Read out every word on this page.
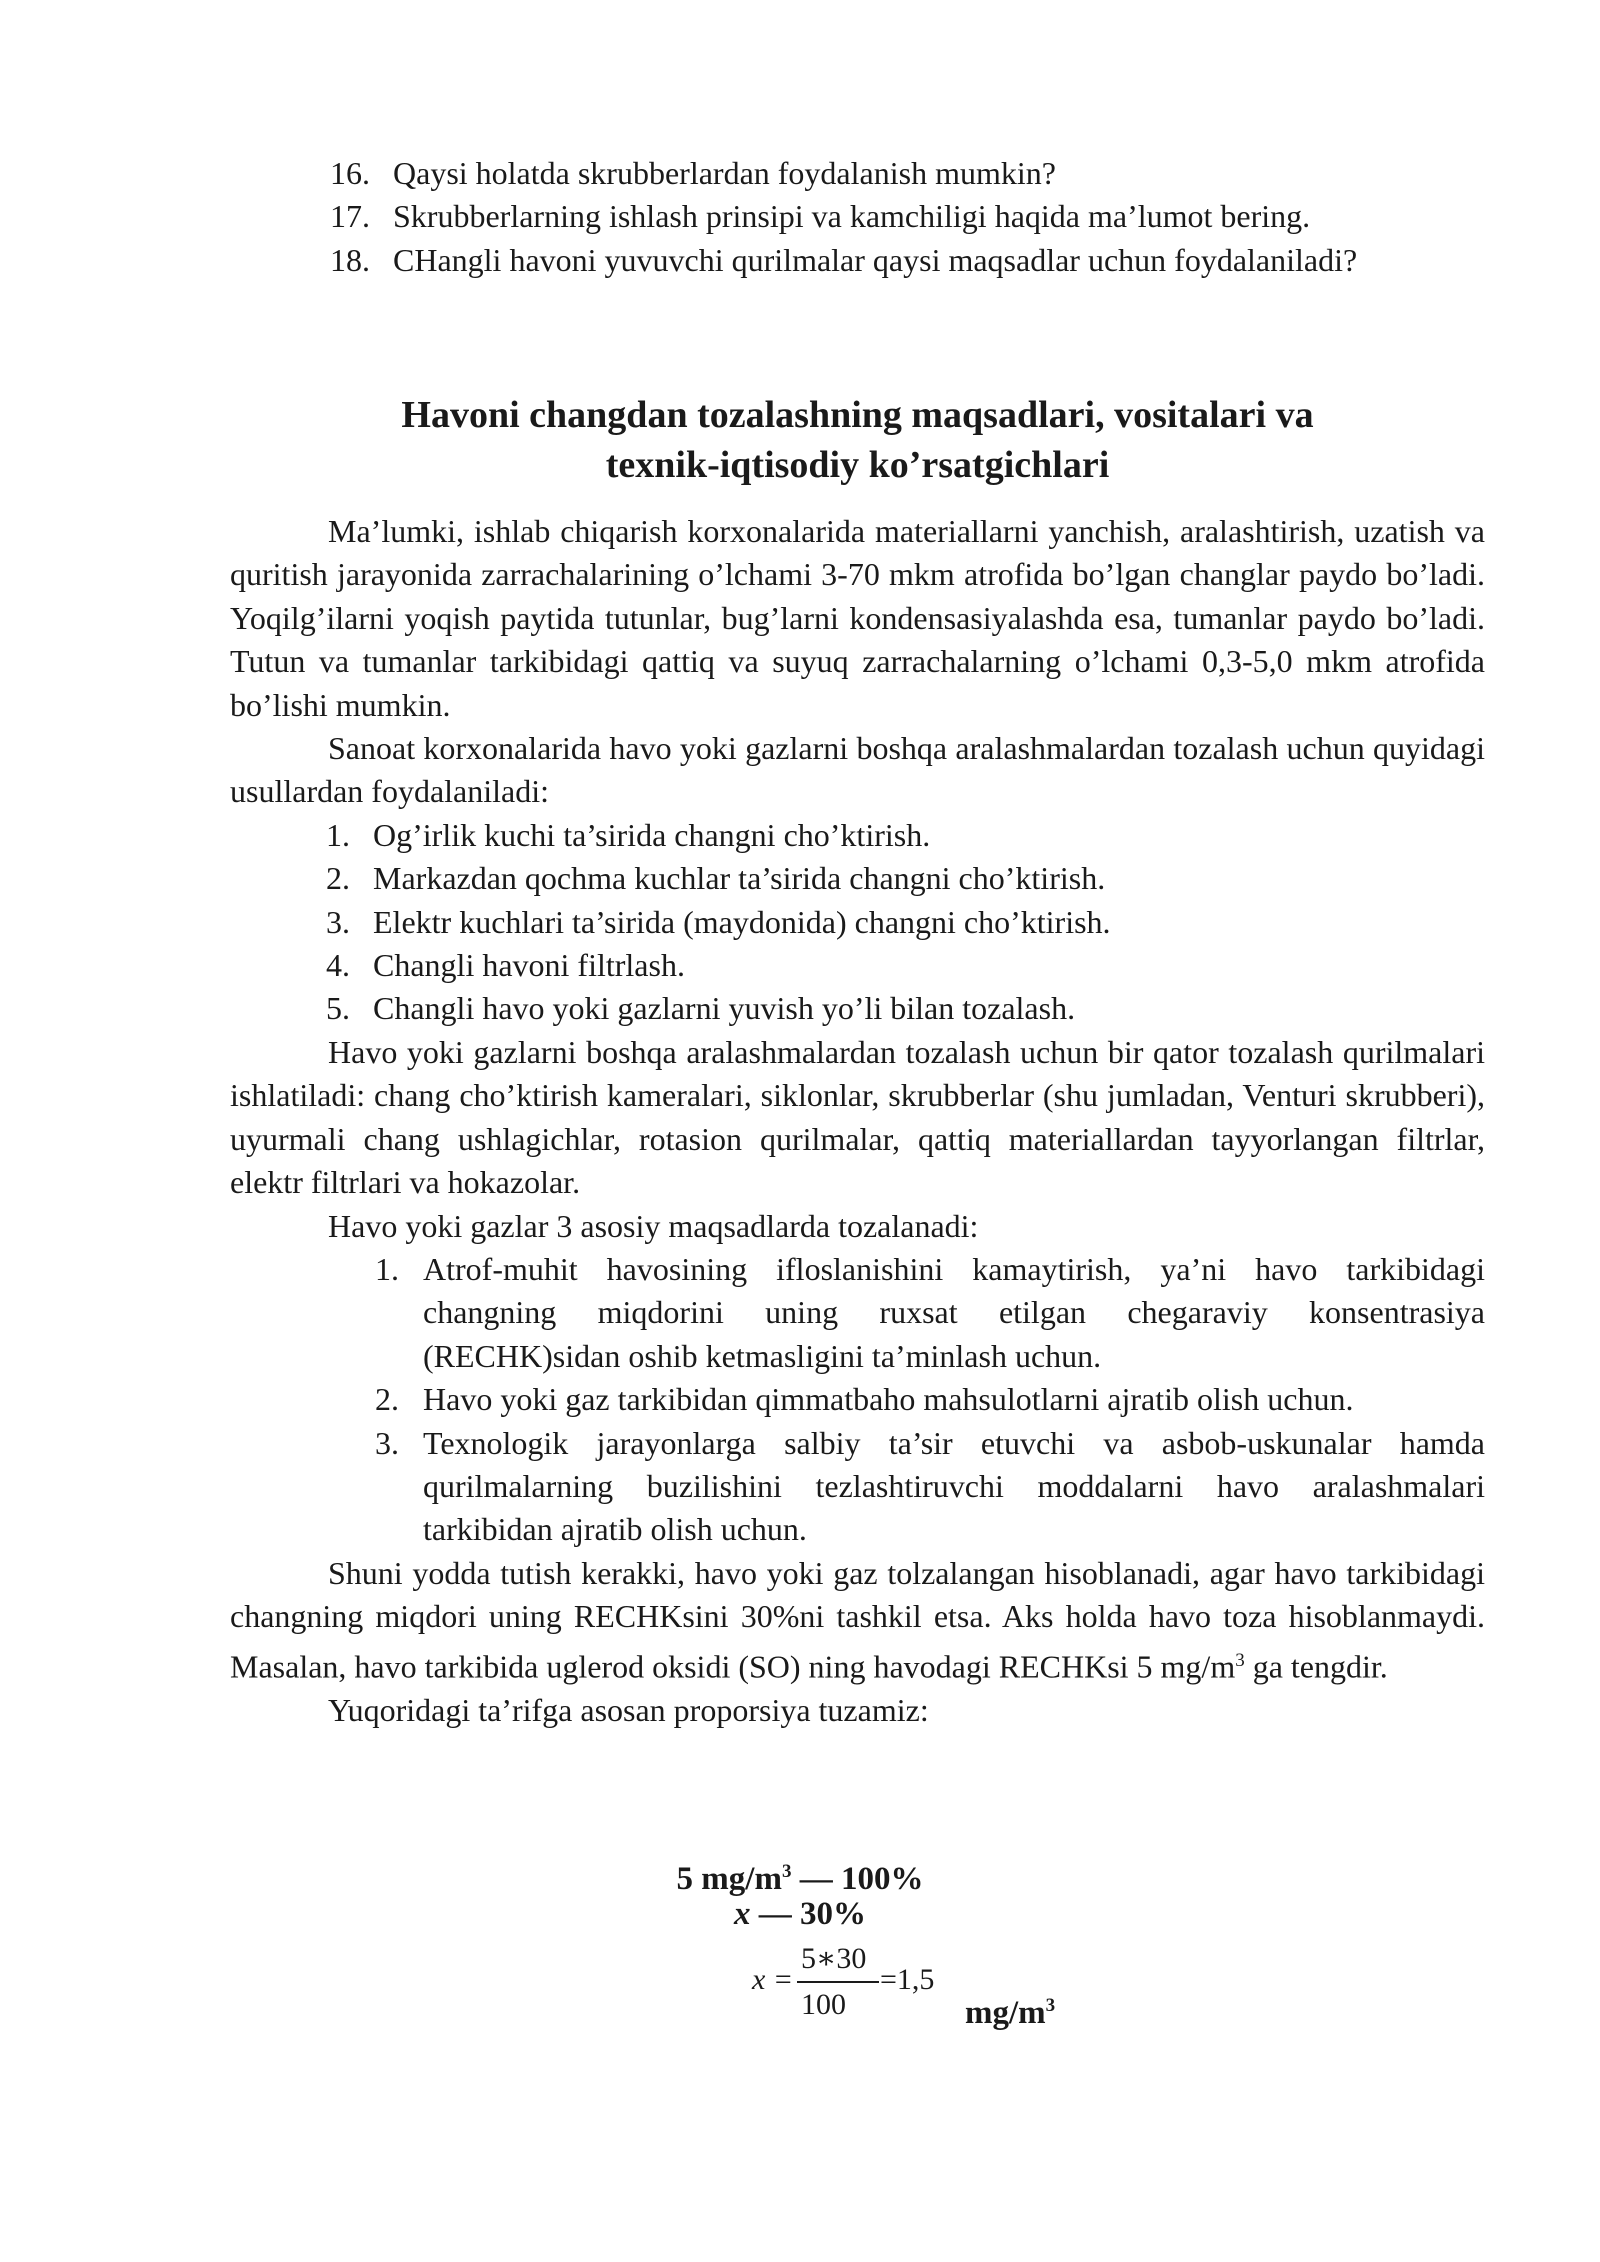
16. Qaysi holatda skrubberlardan foydalanish mumkin?
17. Skrubberlarning ishlash prinsipi va kamchiligi haqida ma’lumot bering.
18. CHangli havoni yuvuvchi qurilmalar qaysi maqsadlar uchun foydalaniladi?
Havoni changdan tozalashning maqsadlari, vositalari va
texnik-iqtisodiy ko’rsatgichlari

Ma’lumki, ishlab chiqarish korxonalarida materiallarni yanchish, aralashtirish, uzatish va quritish jarayonida zarrachalarining o’lchami 3-70 mkm atrofida bo’lgan changlar paydo bo’ladi. Yoqilg’ilarni yoqish paytida tutunlar, bug’larni kondensasiyalashda esa, tumanlar paydo bo’ladi. Tutun va tumanlar tarkibidagi qattiq va suyuq zarrachalarning o’lchami 0,3-5,0 mkm atrofida bo’lishi mumkin.

Sanoat korxonalarida havo yoki gazlarni boshqa aralashmalardan tozalash uchun quyidagi usullardan foydalaniladi:

1. Og’irlik kuchi ta’sirida changni cho’ktirish.
2. Markazdan qochma kuchlar ta’sirida changni cho’ktirish.
3. Elektr kuchlari ta’sirida (maydonida) changni cho’ktirish.
4. Changli havoni filtrlash.
5. Changli havo yoki gazlarni yuvish yo’li bilan tozalash.

Havo yoki gazlarni boshqa aralashmalardan tozalash uchun bir qator tozalash qurilmalari ishlatiladi: chang cho’ktirish kameralari, siklonlar, skrubberlar (shu jumladan, Venturi skrubberi), uyurmali chang ushlagichlar, rotasion qurilmalar, qattiq materiallardan tayyorlangan filtrlar, elektr filtrlari va hokazolar.

Havo yoki gazlar 3 asosiy maqsadlarda tozalanadi:

1. Atrof-muhit havosining ifloslanishini kamaytirish, ya’ni havo tarkibidagi changning miqdorini uning ruxsat etilgan chegaraviy konsentrasiya (RECHK)sidan oshib ketmasligini ta’minlash uchun.
2. Havo yoki gaz tarkibidan qimmatbaho mahsulotlarni ajratib olish uchun.
3. Texnologik jarayonlarga salbiy ta’sir etuvchi va asbob-uskunalar hamda qurilmalarning buzilishini tezlashtiruvchi moddalarni havo aralashmalari tarkibidan ajratib olish uchun.

Shuni yodda tutish kerakki, havo yoki gaz tolzalangan hisoblanadi, agar havo tarkibidagi changning miqdori uning RECHKsini 30%ni tashkil etsa. Aks holda havo toza hisoblanmaydi. Masalan, havo tarkibida uglerod oksidi (SO) ning havodagi RECHKsi 5 $mg/m^3$ ga tengdir.

Yuqoridagi ta’rifga asosan proporsiya tuzamiz:

5 $mg/m^3$ — 100%
x — 30%
x =
5∗30
100
=1,5
$mg/m^3$
